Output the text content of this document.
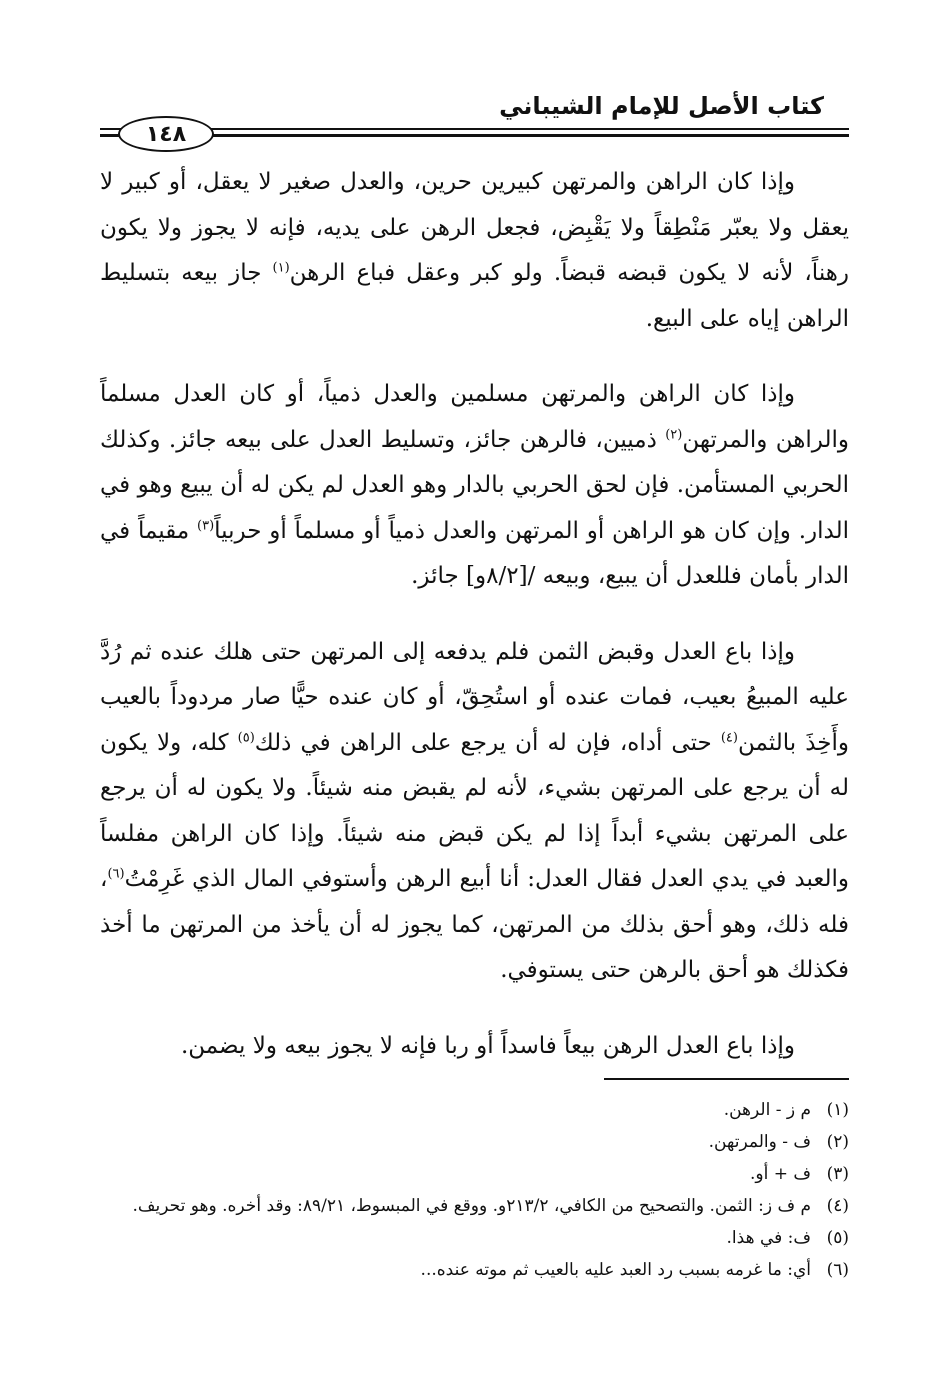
كتاب الأصل للإمام الشيباني
١٤٨

وإذا كان الراهن والمرتهن كبيرين حرين، والعدل صغير لا يعقل، أو كبير لا يعقل ولا يعبّر مَنْطِقاً ولا يَقْبِض، فجعل الرهن على يديه، فإنه لا يجوز ولا يكون رهناً، لأنه لا يكون قبضه قبضاً. ولو كبر وعقل فباع الرهن$^{(١)}$ جاز بيعه بتسليط الراهن إياه على البيع.

وإذا كان الراهن والمرتهن مسلمين والعدل ذمياً، أو كان العدل مسلماً والراهن والمرتهن$^{(٢)}$ ذميين، فالرهن جائز، وتسليط العدل على بيعه جائز. وكذلك الحربي المستأمن. فإن لحق الحربي بالدار وهو العدل لم يكن له أن يبيع وهو في الدار. وإن كان هو الراهن أو المرتهن والعدل ذمياً أو مسلماً أو حربياً$^{(٣)}$ مقيماً في الدار بأمان فللعدل أن يبيع، وبيعه /[٨/٢و] جائز.

وإذا باع العدل وقبض الثمن فلم يدفعه إلى المرتهن حتى هلك عنده ثم رُدَّ عليه المبيعُ بعيب، فمات عنده أو استُحِقّ، أو كان عنده حيًّا صار مردوداً بالعيب وأَخِذَ بالثمن$^{(٤)}$ حتى أداه، فإن له أن يرجع على الراهن في ذلك$^{(٥)}$ كله، ولا يكون له أن يرجع على المرتهن بشيء، لأنه لم يقبض منه شيئاً. ولا يكون له أن يرجع على المرتهن بشيء أبداً إذا لم يكن قبض منه شيئاً. وإذا كان الراهن مفلساً والعبد في يدي العدل فقال العدل: أنا أبيع الرهن وأستوفي المال الذي غَرِمْتُ$^{(٦)}$، فله ذلك، وهو أحق بذلك من المرتهن، كما يجوز له أن يأخذ من المرتهن ما أخذ فكذلك هو أحق بالرهن حتى يستوفي.

وإذا باع العدل الرهن بيعاً فاسداً أو ربا فإنه لا يجوز بيعه ولا يضمن.

(١)
م ز - الرهن.
(٢)
ف - والمرتهن.
(٣)
ف + أو.
(٤)
م ف ز: الثمن. والتصحيح من الكافي، ٢١٣/٢و. ووقع في المبسوط، ٨٩/٢١: وقد أخره. وهو تحريف.
(٥)
ف: في هذا.
(٦)
أي: ما غرمه بسبب رد العبد عليه بالعيب ثم موته عنده...
